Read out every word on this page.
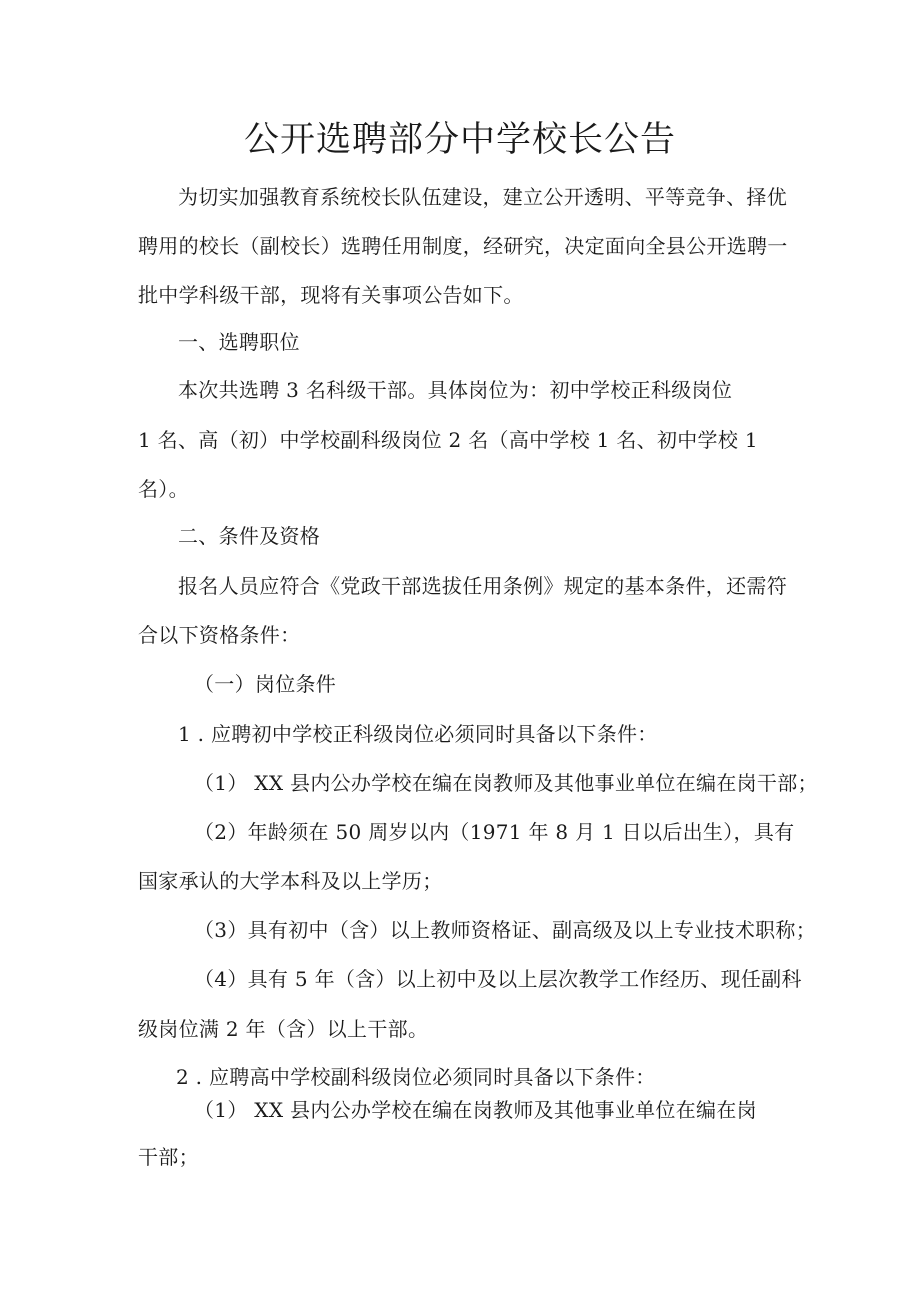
公开选聘部分中学校长公告
为切实加强教育系统校长队伍建设，建立公开透明、平等竞争、择优
聘用的校长（副校长）选聘任用制度，经研究，决定面向全县公开选聘一
批中学科级干部，现将有关事项公告如下。
一、选聘职位
本次共选聘 3 名科级干部。具体岗位为：初中学校正科级岗位
1 名、高（初）中学校副科级岗位 2 名（高中学校 1 名、初中学校 1
名）。
二、条件及资格
报名人员应符合《党政干部选拔任用条例》规定的基本条件，还需符
合以下资格条件：
（一）岗位条件
1 . 应聘初中学校正科级岗位必须同时具备以下条件：
（1） XX 县内公办学校在编在岗教师及其他事业单位在编在岗干部；
（2）年龄须在 50 周岁以内（1971 年 8 月 1 日以后出生），具有
国家承认的大学本科及以上学历；
（3）具有初中（含）以上教师资格证、副高级及以上专业技术职称；
（4）具有 5 年（含）以上初中及以上层次教学工作经历、现任副科
级岗位满 2 年（含）以上干部。
2 . 应聘高中学校副科级岗位必须同时具备以下条件：
（1） XX 县内公办学校在编在岗教师及其他事业单位在编在岗
干部；
